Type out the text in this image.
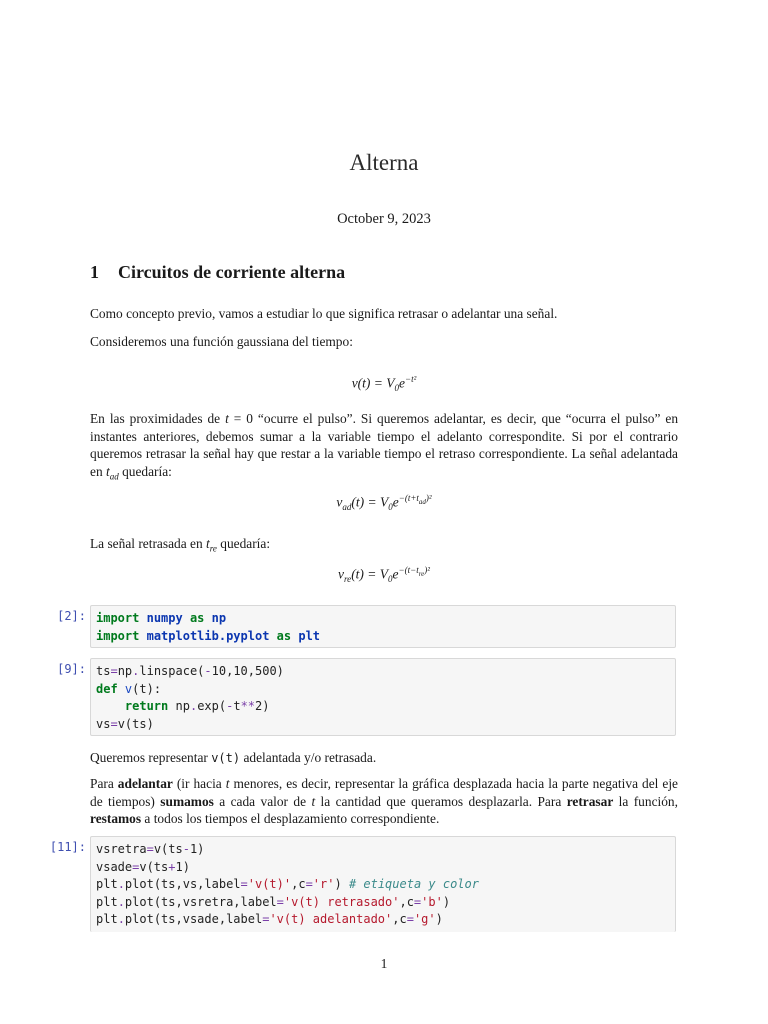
Alterna
October 9, 2023
1 Circuitos de corriente alterna
Como concepto previo, vamos a estudiar lo que significa retrasar o adelantar una señal.
Consideremos una función gaussiana del tiempo:
$v(t) = V_0e^{-t^2}$
En las proximidades de t = 0 “ocurre el pulso”. Si queremos adelantar, es decir, que “ocurra el pulso” en instantes anteriores, debemos sumar a la variable tiempo el adelanto correspondite. Si por el contrario queremos retrasar la señal hay que restar a la variable tiempo el retraso correspondiente. La señal adelantada en $t_{ad}$ quedaría:
$v_{ad}(t) = V_0e^{-(t+t_{ad})^2}$
La señal retrasada en $t_{re}$ quedaría:
$v_{re}(t) = V_0e^{-(t-t_{re})^2}$
[2]: import numpy as np
import matplotlib.pyplot as plt
[9]: ts=np.linspace(-10,10,500)
def v(t):
return np.exp(-t**2)
vs=v(ts)
Queremos representar v(t) adelantada y/o retrasada.
Para adelantar (ir hacia t menores, es decir, representar la gráfica desplazada hacia la parte negativa del eje de tiempos) sumamos a cada valor de t la cantidad que queramos desplazarla. Para retrasar la función, restamos a todos los tiempos el desplazamiento correspondiente.
[11]: vsretra=v(ts-1)
vsade=v(ts+1)
plt.plot(ts,vs,label='v(t)',c='r') # etiqueta y color
plt.plot(ts,vsretra,label='v(t) retrasado',c='b')
plt.plot(ts,vsade,label='v(t) adelantado',c='g')
1
